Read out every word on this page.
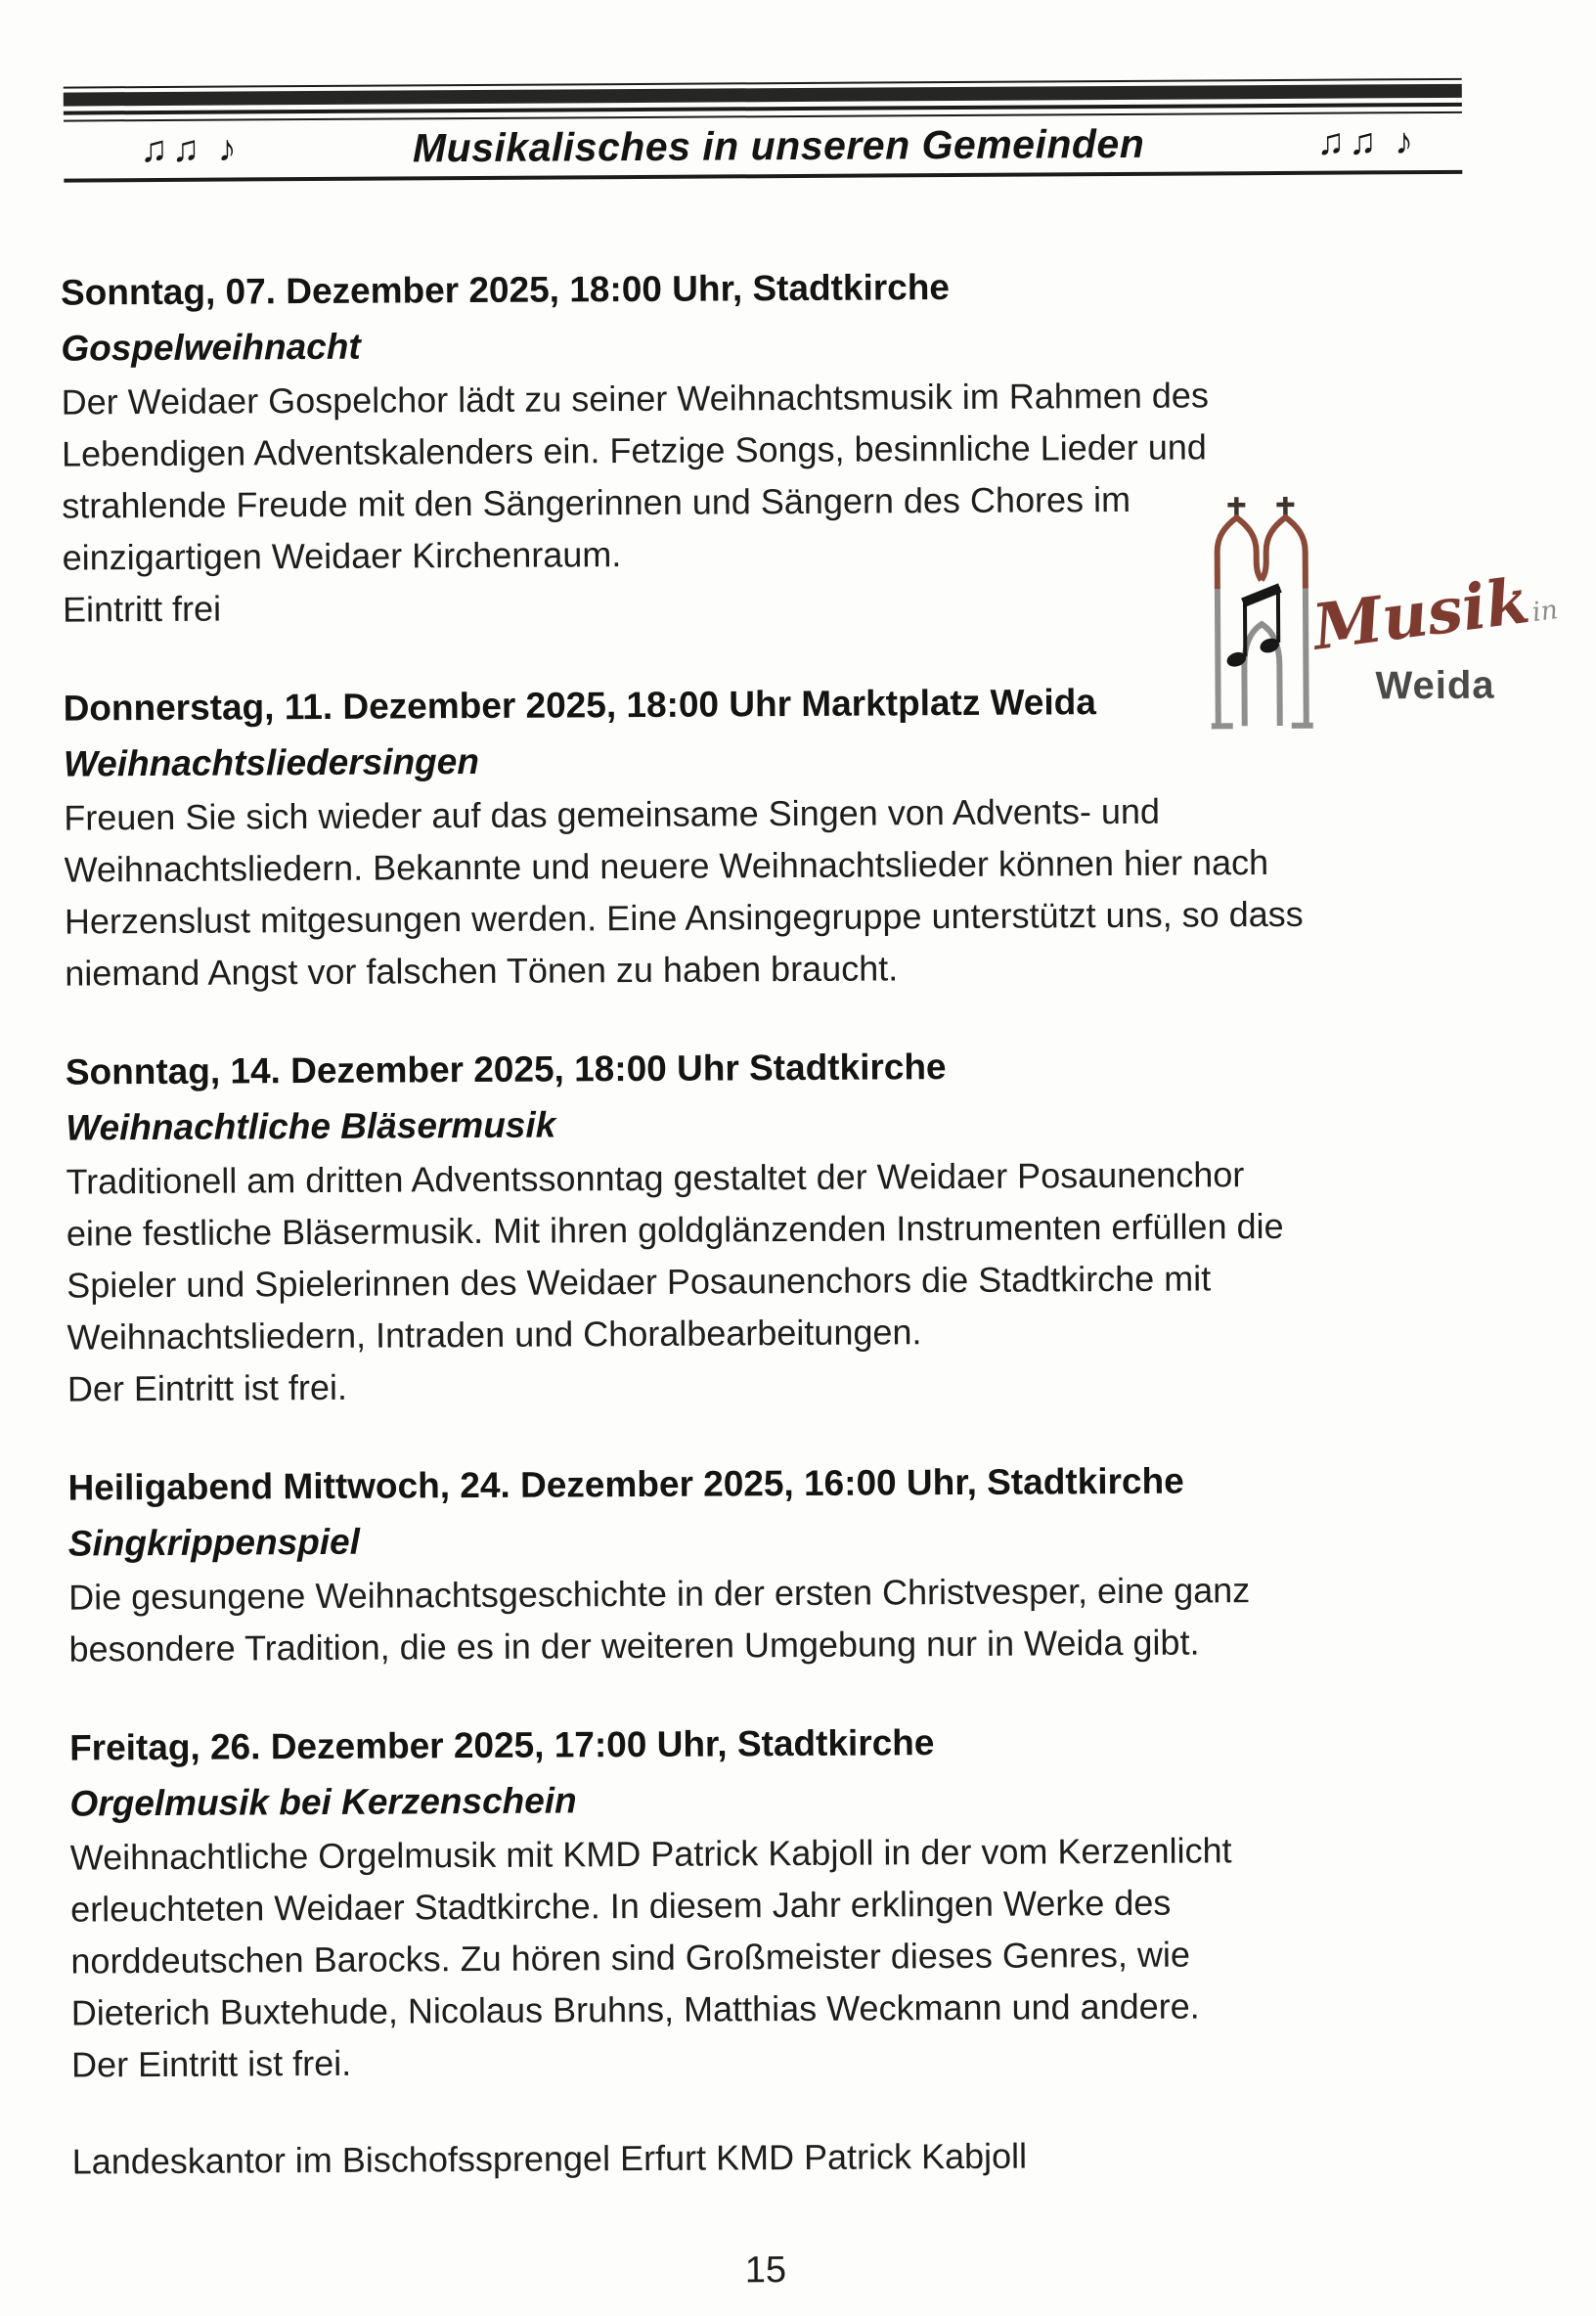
♫♫ ♪	Musikalisches in unseren Gemeinden	♫♫ ♪
Sonntag, 07. Dezember 2025, 18:00 Uhr, Stadtkirche
Gospelweihnacht
Der Weidaer Gospelchor lädt zu seiner Weihnachtsmusik im Rahmen des
Lebendigen Adventskalenders ein. Fetzige Songs, besinnliche Lieder und
strahlende Freude mit den Sängerinnen und Sängern des Chores im
einzigartigen Weidaer Kirchenraum.
Eintritt frei
Donnerstag, 11. Dezember 2025, 18:00 Uhr Marktplatz Weida
Weihnachtsliedersingen
Freuen Sie sich wieder auf das gemeinsame Singen von Advents- und
Weihnachtsliedern. Bekannte und neuere Weihnachtslieder können hier nach
Herzenslust mitgesungen werden. Eine Ansingegruppe unterstützt uns, so dass
niemand Angst vor falschen Tönen zu haben braucht.
Sonntag, 14. Dezember 2025, 18:00 Uhr Stadtkirche
Weihnachtliche Bläsermusik
Traditionell am dritten Adventssonntag gestaltet der Weidaer Posaunenchor
eine festliche Bläsermusik. Mit ihren goldglänzenden Instrumenten erfüllen die
Spieler und Spielerinnen des Weidaer Posaunenchors die Stadtkirche mit
Weihnachtsliedern, Intraden und Choralbearbeitungen.
Der Eintritt ist frei.
Heiligabend Mittwoch, 24. Dezember 2025, 16:00 Uhr, Stadtkirche
Singkrippenspiel
Die gesungene Weihnachtsgeschichte in der ersten Christvesper, eine ganz
besondere Tradition, die es in der weiteren Umgebung nur in Weida gibt.
Freitag, 26. Dezember 2025, 17:00 Uhr, Stadtkirche
Orgelmusik bei Kerzenschein
Weihnachtliche Orgelmusik mit KMD Patrick Kabjoll in der vom Kerzenlicht
erleuchteten Weidaer Stadtkirche. In diesem Jahr erklingen Werke des
norddeutschen Barocks. Zu hören sind Großmeister dieses Genres, wie
Dieterich Buxtehude, Nicolaus Bruhns, Matthias Weckmann und andere.
Der Eintritt ist frei.
Landeskantor im Bischofssprengel Erfurt KMD Patrick Kabjoll
15
Musikin
Weida
